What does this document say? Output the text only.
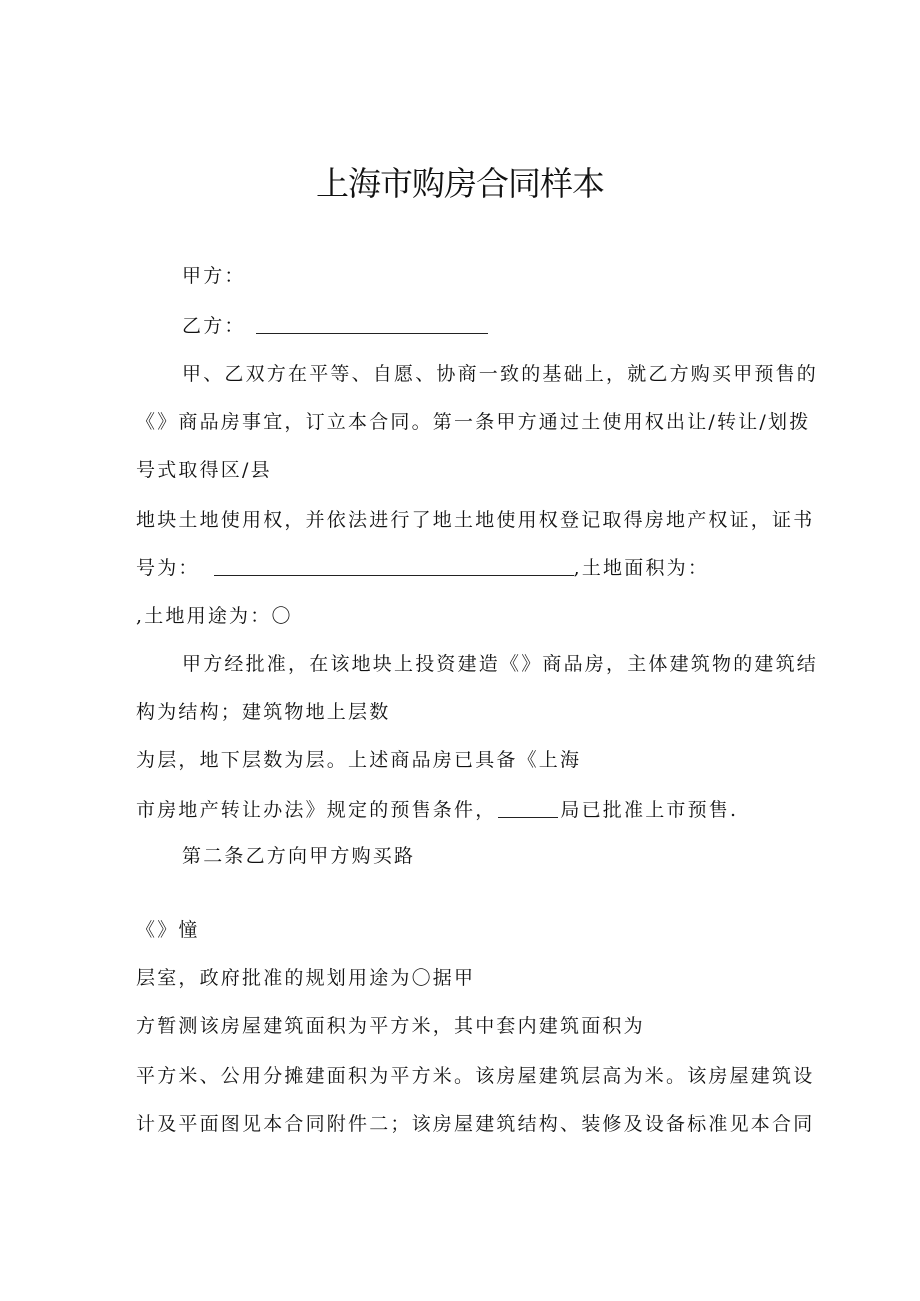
上海市购房合同样本
甲方：
乙方：
甲、乙双方在平等、自愿、协商一致的基础上，就乙方购买甲预售的
《》商品房事宜，订立本合同。第一条甲方通过土使用权出让/转让/划拨
号式取得区/县
地块土地使用权，并依法进行了地土地使用权登记取得房地产权证，证书
号为：	,土地面积为：
,土地用途为：〇
甲方经批准，在该地块上投资建造《》商品房，主体建筑物的建筑结
构为结构；建筑物地上层数
为层，地下层数为层。上述商品房已具备《上海
市房地产转让办法》规定的预售条件，	局已批准上市预售.
第二条乙方向甲方购买路
《》憧
层室，政府批准的规划用途为〇据甲
方暂测该房屋建筑面积为平方米，其中套内建筑面积为
平方米、公用分摊建面积为平方米。该房屋建筑层高为米。该房屋建筑设
计及平面图见本合同附件二；该房屋建筑结构、装修及设备标准见本合同
